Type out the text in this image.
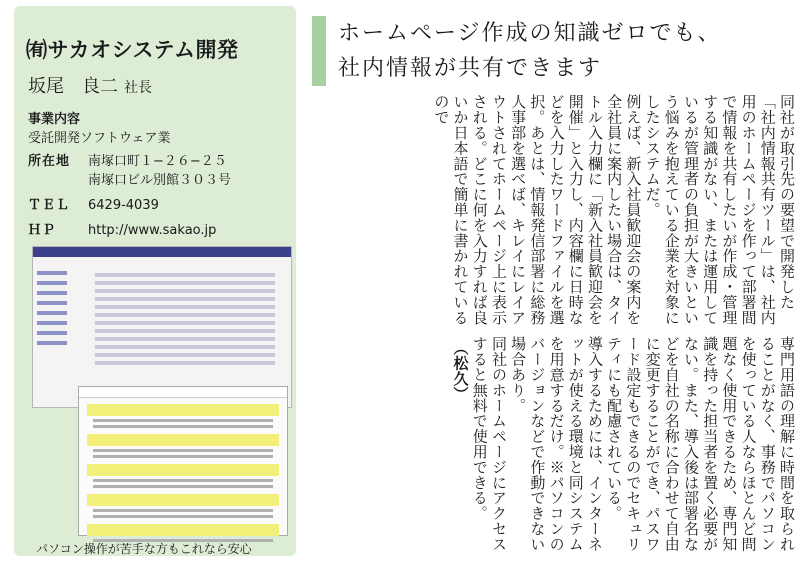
㈲サカオシステム開発
坂尾　良二 社長
事業内容
受託開発ソフトウェア業
所在地	南塚口町１−２６−２５
南塚口ビル別館３０３号
ＴＥＬ	6429-4039
ＨＰ	http://www.sakao.jp
パソコン操作が苦手な方もこれなら安心
ホームページ作成の知識ゼロでも、
社内情報が共有できます

同社が取引先の要望で開発した「社内情報共有ツール」は、社内用のホームページを作って部署間で情報を共有したいが作成・管理する知識がない、または運用しているが管理者の負担が大きいという悩みを抱えている企業を対象にしたシステムだ。

例えば、新入社員歓迎会の案内を全社員に案内したい場合は、タイトル入力欄に「新入社員歓迎会を開催」と入力し、内容欄に日時などを入力したワードファイルを選択。あとは、情報発信部署に総務人事部を選べば、キレイにレイアウトされてホームページ上に表示される。どこに何を入力すれば良いか日本語で簡単に書かれているので

専門用語の理解に時間を取られることがなく、事務でパソコンを使っている人ならほとんど問題なく使用できるため、専門知識を持った担当者を置く必要がない。また、導入後は部署名などを自社の名称に合わせて自由に変更することができ、パスワード設定もできるのでセキュリティにも配慮されている。

導入するためには、インターネットが使える環境と同システムを用意するだけ。※パソコンのバージョンなどで作動できない場合あり。

同社のホームページにアクセスすると無料で使用できる。

（松久）
